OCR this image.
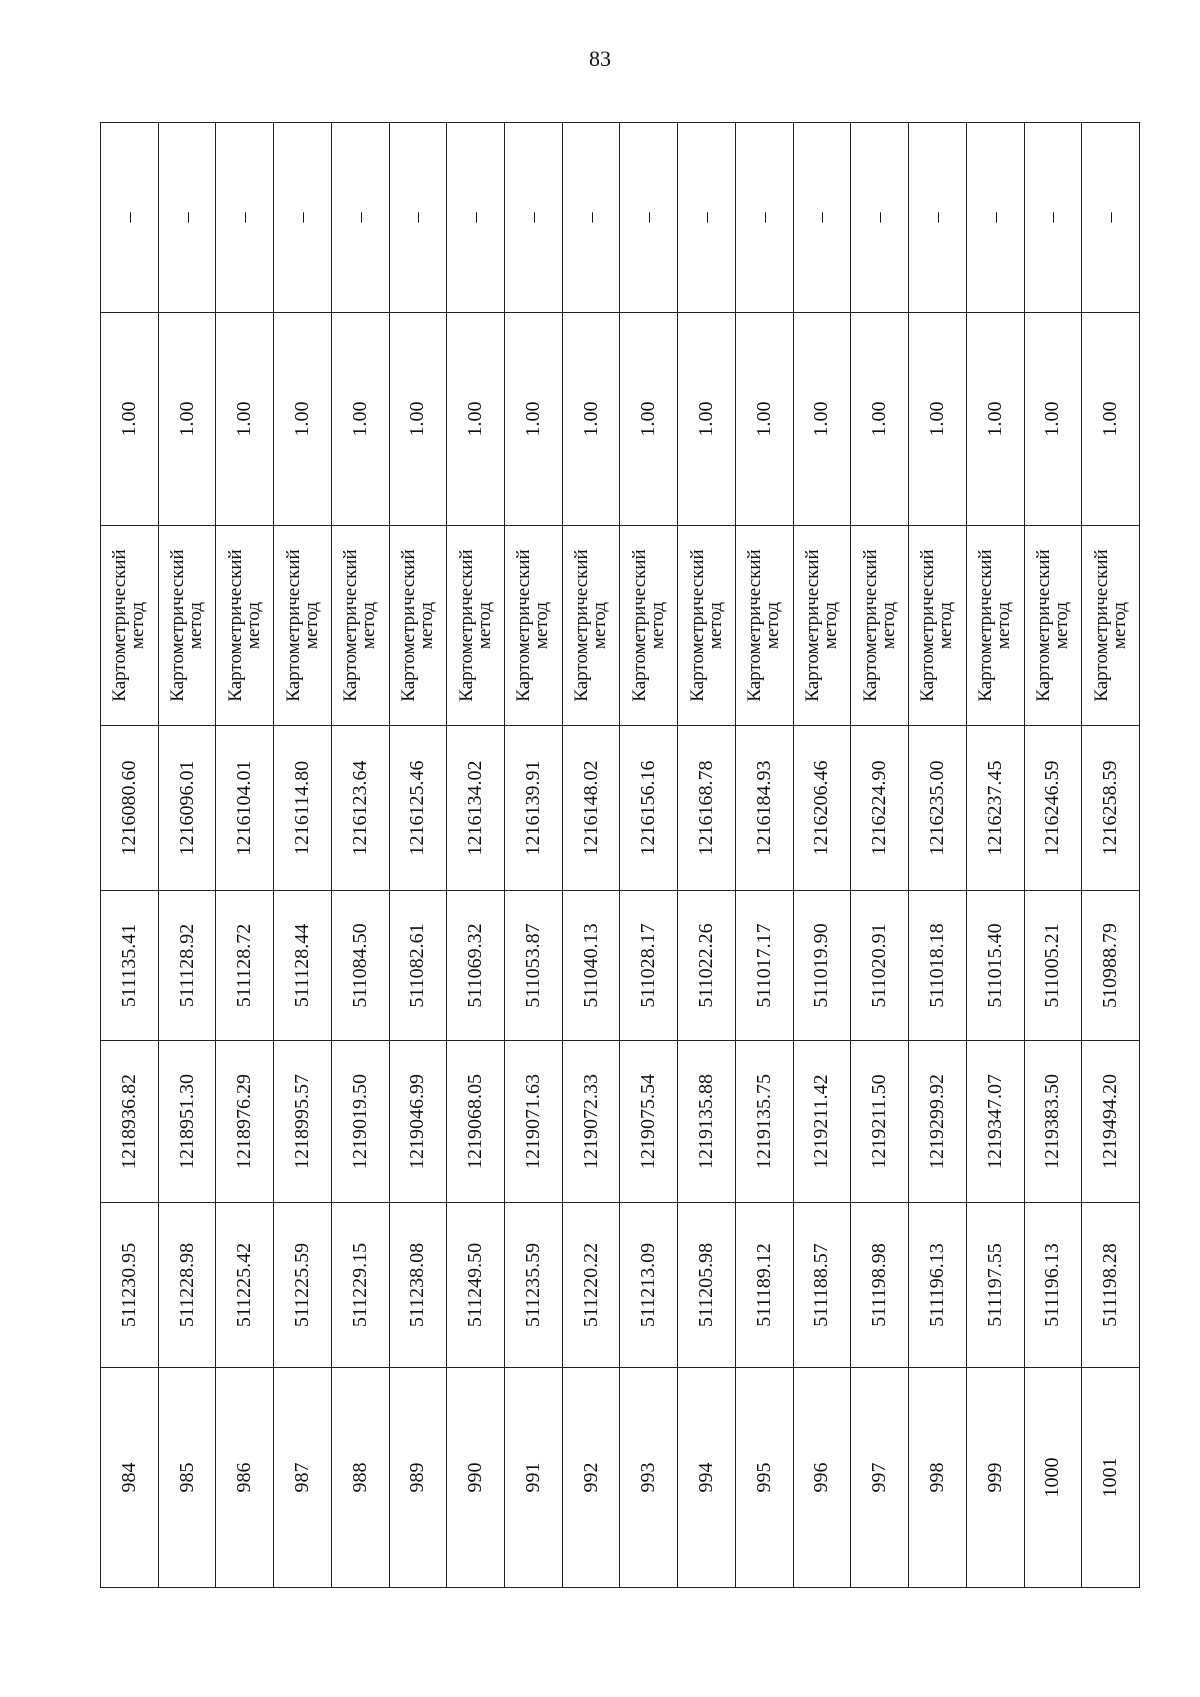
83
984	511230.95	1218936.82	511135.41	1216080.60	Картометрический
метод	1.00	–
985	511228.98	1218951.30	511128.92	1216096.01	Картометрический
метод	1.00	–
986	511225.42	1218976.29	511128.72	1216104.01	Картометрический
метод	1.00	–
987	511225.59	1218995.57	511128.44	1216114.80	Картометрический
метод	1.00	–
988	511229.15	1219019.50	511084.50	1216123.64	Картометрический
метод	1.00	–
989	511238.08	1219046.99	511082.61	1216125.46	Картометрический
метод	1.00	–
990	511249.50	1219068.05	511069.32	1216134.02	Картометрический
метод	1.00	–
991	511235.59	1219071.63	511053.87	1216139.91	Картометрический
метод	1.00	–
992	511220.22	1219072.33	511040.13	1216148.02	Картометрический
метод	1.00	–
993	511213.09	1219075.54	511028.17	1216156.16	Картометрический
метод	1.00	–
994	511205.98	1219135.88	511022.26	1216168.78	Картометрический
метод	1.00	–
995	511189.12	1219135.75	511017.17	1216184.93	Картометрический
метод	1.00	–
996	511188.57	1219211.42	511019.90	1216206.46	Картометрический
метод	1.00	–
997	511198.98	1219211.50	511020.91	1216224.90	Картометрический
метод	1.00	–
998	511196.13	1219299.92	511018.18	1216235.00	Картометрический
метод	1.00	–
999	511197.55	1219347.07	511015.40	1216237.45	Картометрический
метод	1.00	–
1000	511196.13	1219383.50	511005.21	1216246.59	Картометрический
метод	1.00	–
1001	511198.28	1219494.20	510988.79	1216258.59	Картометрический
метод	1.00	–
